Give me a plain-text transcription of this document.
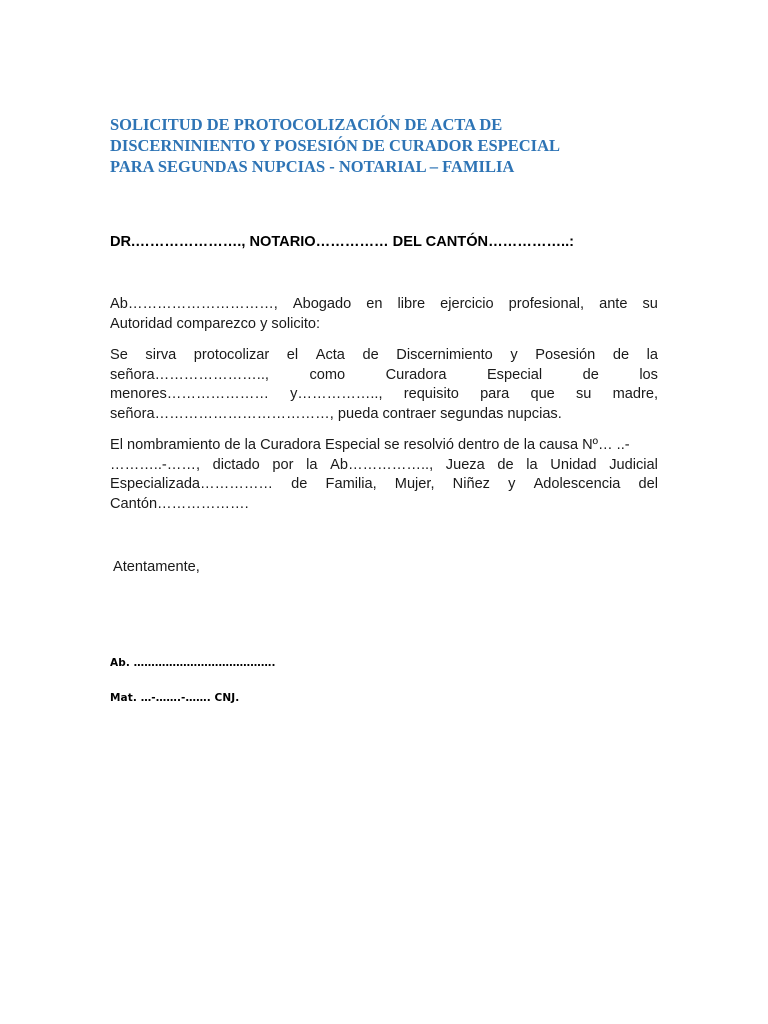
SOLICITUD DE PROTOCOLIZACIÓN DE ACTA DE
DISCERNINIENTO Y POSESIÓN DE CURADOR ESPECIAL
PARA SEGUNDAS NUPCIAS - NOTARIAL – FAMILIA

DR.…………………., NOTARIO…………… DEL CANTÓN……………..:

Ab…………………………, Abogado en libre ejercicio profesional, ante su
Autoridad comparezco y solicito:
Se sirva protocolizar el Acta de Discernimiento y Posesión de la
señora…………………..,	como	Curadora	Especial	de	los
menores………………… y…………….., requisito para que su madre,
señora………………………………, pueda contraer segundas nupcias.
El nombramiento de la Curadora Especial se resolvió dentro de la causa Nº… ..-
………..-……, dictado por la Ab…………….., Jueza de la Unidad Judicial
Especializada…………… de Familia, Mujer, Niñez y Adolescencia del
Cantón……………….

Atentamente,

Ab. ………………………………….

Mat. …-…….-……. CNJ.
